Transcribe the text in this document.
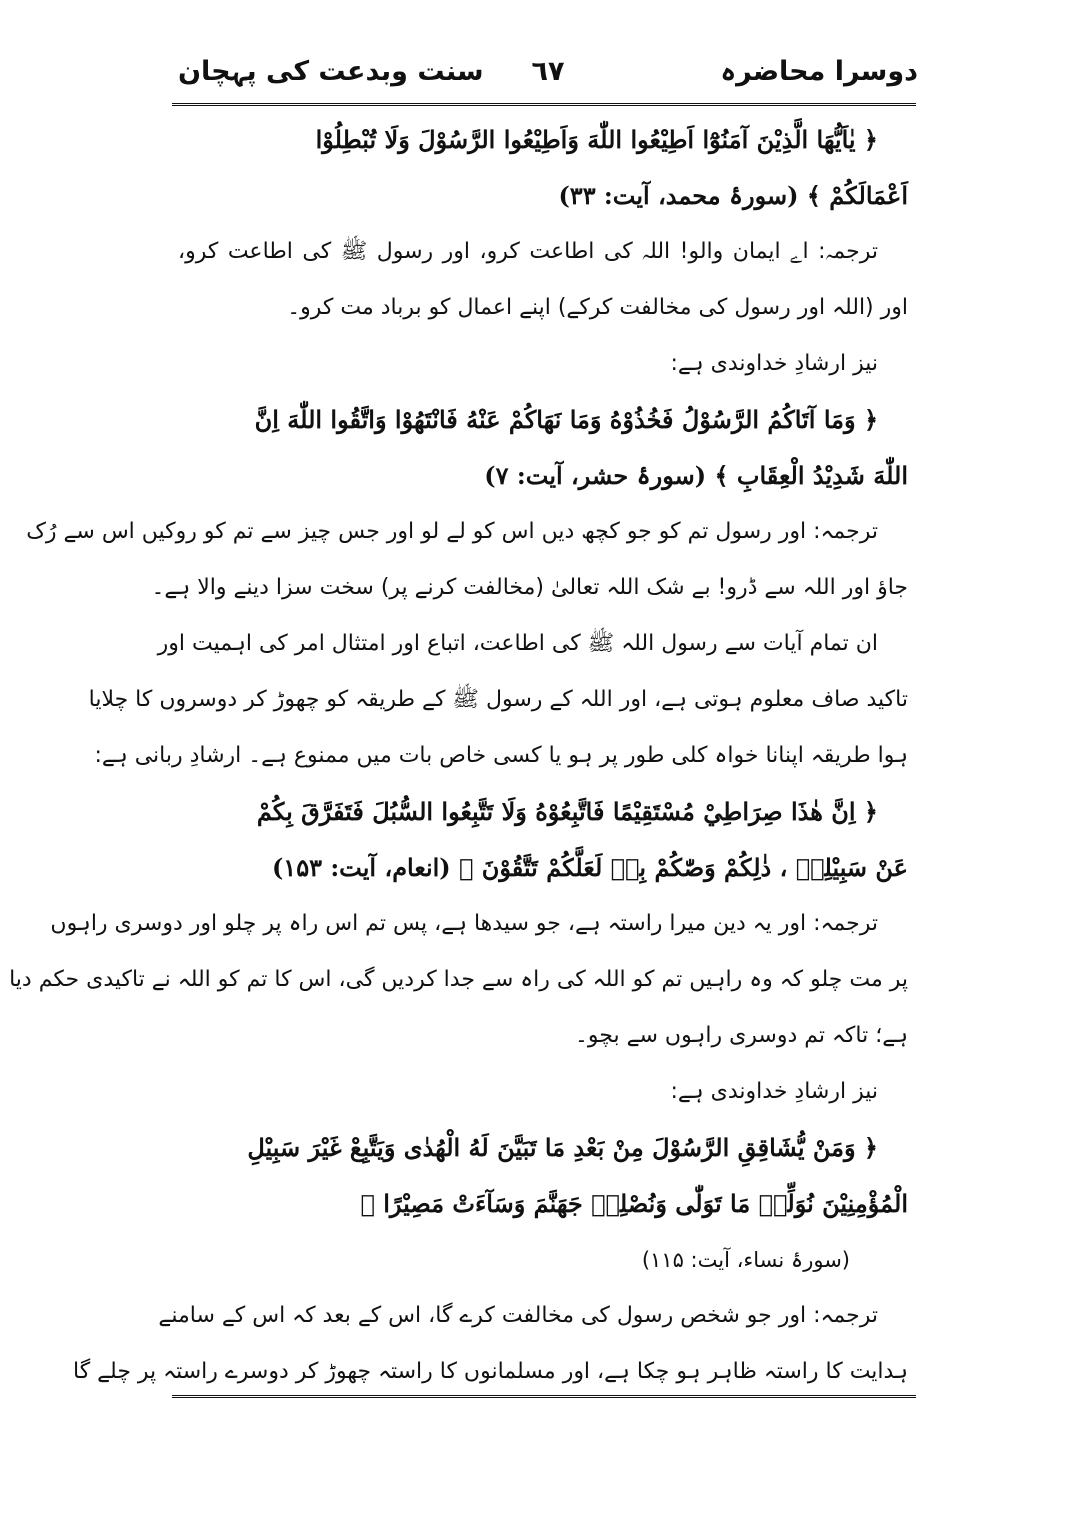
دوسرا محاضرہ
٦٧
سنت وبدعت کی پہچان
﴿ يٰاَيُّهَا الَّذِيْنَ آمَنُوْٓا اَطِيْعُوا اللّٰهَ وَاَطِيْعُوا الرَّسُوْلَ وَلَا تُبْطِلُوْا
اَعْمَالَكُمْ ﴾ (سورۂ محمد، آیت: ۳۳)
ترجمہ: اے ایمان والو! اللہ کی اطاعت کرو، اور رسول ﷺ کی اطاعت کرو،
اور (اللہ اور رسول کی مخالفت کرکے) اپنے اعمال کو برباد مت کرو۔
نیز ارشادِ خداوندی ہے:
﴿ وَمَا آتَاكُمُ الرَّسُوْلُ فَخُذُوْهُ وَمَا نَهَاكُمْ عَنْهُ فَانْتَهُوْا وَاتَّقُوا اللّٰهَ اِنَّ
اللّٰهَ شَدِيْدُ الْعِقَابِ ﴾ (سورۂ حشر، آیت: ۷)
ترجمہ: اور رسول تم کو جو کچھ دیں اس کو لے لو اور جس چیز سے تم کو روکیں اس سے رُک
جاؤ اور اللہ سے ڈرو! بے شک اللہ تعالیٰ (مخالفت کرنے پر) سخت سزا دینے والا ہے۔
ان تمام آیات سے رسول اللہ ﷺ کی اطاعت، اتباع اور امتثال امر کی اہمیت اور
تاکید صاف معلوم ہوتی ہے، اور اللہ کے رسول ﷺ کے طریقہ کو چھوڑ کر دوسروں کا چلایا
ہوا طریقہ اپنانا خواہ کلی طور پر ہو یا کسی خاص بات میں ممنوع ہے۔ ارشادِ ربانی ہے:
﴿ اِنَّ هٰذَا صِرَاطِيْ مُسْتَقِيْمًا فَاتَّبِعُوْهُ وَلَا تَتَّبِعُوا السُّبُلَ فَتَفَرَّقَ بِكُمْ
عَنْ سَبِيْلِهٖ ، ذٰلِكُمْ وَصّٰكُمْ بِهٖ لَعَلَّكُمْ تَتَّقُوْنَ ﴾ (انعام، آیت: ۱۵۳)
ترجمہ: اور یہ دین میرا راستہ ہے، جو سیدھا ہے، پس تم اس راہ پر چلو اور دوسری راہوں
پر مت چلو کہ وہ راہیں تم کو اللہ کی راہ سے جدا کردیں گی، اس کا تم کو اللہ نے تاکیدی حکم دیا
ہے؛ تاکہ تم دوسری راہوں سے بچو۔
نیز ارشادِ خداوندی ہے:
﴿ وَمَنْ يُّشَاقِقِ الرَّسُوْلَ مِنْ بَعْدِ مَا تَبَيَّنَ لَهُ الْهُدٰى وَيَتَّبِعْ غَيْرَ سَبِيْلِ
الْمُؤْمِنِيْنَ نُوَلِّهٖ مَا تَوَلّٰى وَنُصْلِهٖ جَهَنَّمَ وَسَآءَتْ مَصِيْرًا ﴾
(سورۂ نساء، آیت: ۱۱۵)
ترجمہ: اور جو شخص رسول کی مخالفت کرے گا، اس کے بعد کہ اس کے سامنے
ہدایت کا راستہ ظاہر ہو چکا ہے، اور مسلمانوں کا راستہ چھوڑ کر دوسرے راستہ پر چلے گا
